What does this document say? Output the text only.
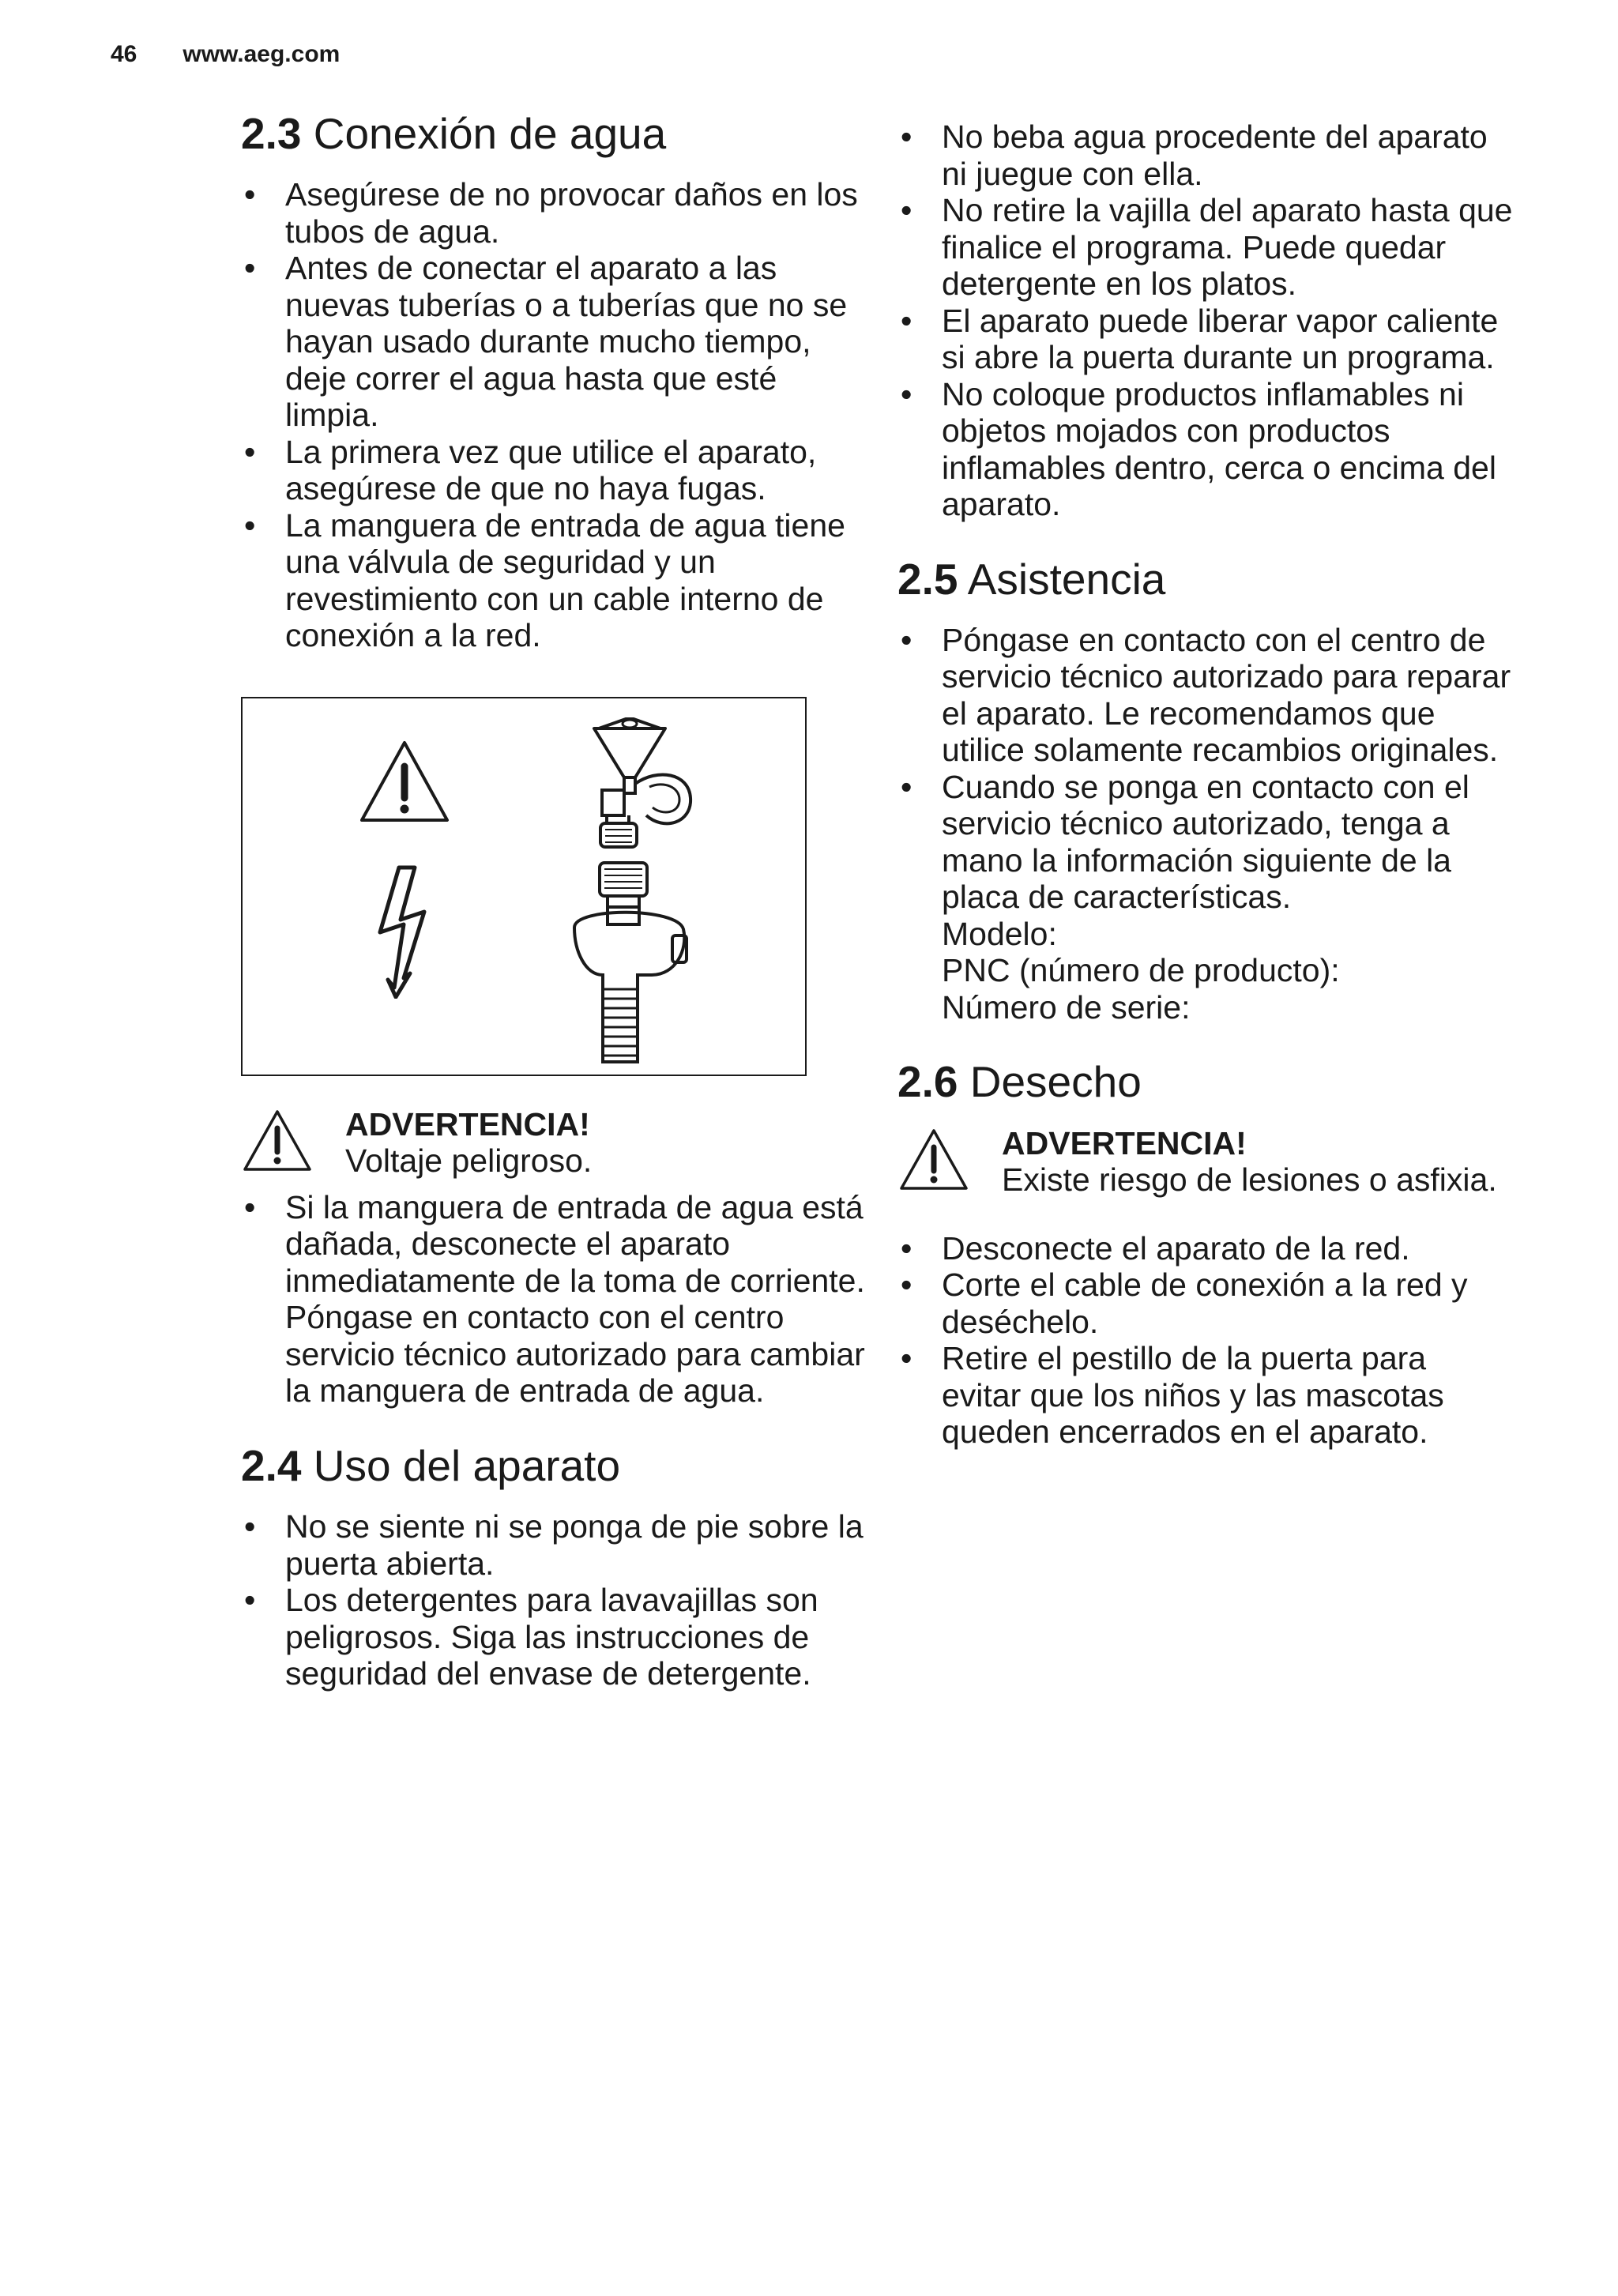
46 www.aeg.com
2.3 Conexión de agua
• Asegúrese de no provocar daños en los tubos de agua.
• Antes de conectar el aparato a las nuevas tuberías o a tuberías que no se hayan usado durante mucho tiempo, deje correr el agua hasta que esté limpia.
• La primera vez que utilice el aparato, asegúrese de que no haya fugas.
• La manguera de entrada de agua tiene una válvula de seguridad y un revestimiento con un cable interno de conexión a la red.
ADVERTENCIA!
Voltaje peligroso.
• Si la manguera de entrada de agua está dañada, desconecte el aparato inmediatamente de la toma de corriente. Póngase en contacto con el centro servicio técnico autorizado para cambiar la manguera de entrada de agua.
2.4 Uso del aparato
• No se siente ni se ponga de pie sobre la puerta abierta.
• Los detergentes para lavavajillas son peligrosos. Siga las instrucciones de seguridad del envase de detergente.
• No beba agua procedente del aparato ni juegue con ella.
• No retire la vajilla del aparato hasta que finalice el programa. Puede quedar detergente en los platos.
• El aparato puede liberar vapor caliente si abre la puerta durante un programa.
• No coloque productos inflamables ni objetos mojados con productos inflamables dentro, cerca o encima del aparato.
2.5 Asistencia
• Póngase en contacto con el centro de servicio técnico autorizado para reparar el aparato. Le recomendamos que utilice solamente recambios originales.
• Cuando se ponga en contacto con el servicio técnico autorizado, tenga a mano la información siguiente de la placa de características.
Modelo:
PNC (número de producto):
Número de serie:
2.6 Desecho
ADVERTENCIA!
Existe riesgo de lesiones o asfixia.
• Desconecte el aparato de la red.
• Corte el cable de conexión a la red y deséchelo.
• Retire el pestillo de la puerta para evitar que los niños y las mascotas queden encerrados en el aparato.
